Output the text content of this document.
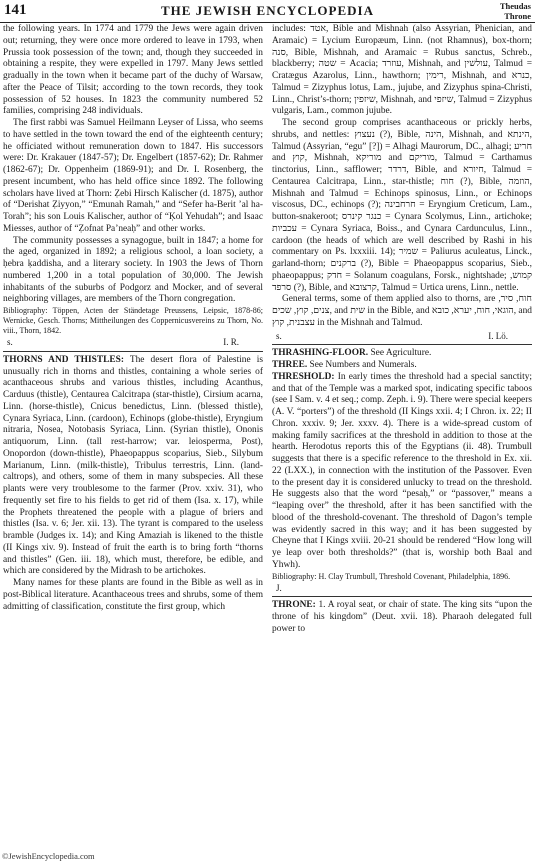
141	THE JEWISH ENCYCLOPEDIA	Theudas
Throne

the following years. In 1774 and 1779 the Jews were again driven out; returning, they were once more ordered to leave in 1793, when Prussia took possession of the town; and, though they succeeded in obtaining a respite, they were expelled in 1797. Many Jews settled gradually in the town when it became part of the duchy of Warsaw, after the Peace of Tilsit; according to the town records, they took possession of 52 houses. In 1823 the community numbered 52 families, comprising 248 individuals.

The first rabbi was Samuel Heilmann Leyser of Lissa, who seems to have settled in the town toward the end of the eighteenth century; he officiated without remuneration down to 1847. His successors were: Dr. Krakauer (1847-57); Dr. Engelbert (1857-62); Dr. Rahmer (1862-67); Dr. Oppenheim (1869-91); and Dr. I. Rosenberg, the present incumbent, who has held office since 1892. The following scholars have lived at Thorn: Ẓebi Hirsch Kalischer (d. 1875), author of “Derishat Ẓiyyon,” “Emunah Ramah,” and “Sefer ha-Berit ’al ha-Torah”; his son Louis Kalischer, author of “Ḳol Yehudah”; and Isaac Miesses, author of “Ẓofnat Pa’neaḥ” and other works.

The community possesses a synagogue, built in 1847; a home for the aged, organized in 1892; a religious school, a loan society, a ḥebra ḳaddisha, and a literary society. In 1903 the Jews of Thorn numbered 1,200 in a total population of 30,000. The Jewish inhabitants of the suburbs of Podgorz and Mocker, and of several neighboring villages, are members of the Thorn congregation.

Bibliography: Töppen, Acten der Ständetage Preussens, Leipsic, 1878-86; Wernicke, Gesch. Thorns; Mittheilungen des Coppernicusvereins zu Thorn, No. viii., Thorn, 1842.

s.	I. R.

THORNS AND THISTLES: The desert flora of Palestine is unusually rich in thorns and thistles, containing a whole series of acanthaceous shrubs and various thistles, including Acanthus, Carduus (thistle), Centaurea Calcitrapa (star-thistle), Cirsium acarna, Linn. (horse-thistle), Cnicus benedictus, Linn. (blessed thistle), Cynara Syriaca, Linn. (cardoon), Echinops (globe-thistle), Eryngium nitraria, Nosea, Notobasis Syriaca, Linn. (Syrian thistle), Ononis antiquorum, Linn. (tall rest-harrow; var. leiosperma, Post), Onopordon (down-thistle), Phaeopappus scoparius, Sieb., Silybum Marianum, Linn. (milk-thistle), Tribulus terrestris, Linn. (land-caltrops), and others, some of them in many subspecies. All these plants were very troublesome to the farmer (Prov. xxiv. 31), who frequently set fire to his fields to get rid of them (Isa. x. 17), while the Prophets threatened the people with a plague of briers and thistles (Isa. v. 6; Jer. xii. 13). The tyrant is compared to the useless bramble (Judges ix. 14); and King Amaziah is likened to the thistle (II Kings xiv. 9). Instead of fruit the earth is to bring forth “thorns and thistles” (Gen. iii. 18), which must, therefore, be edible, and which are considered by the Midrash to be artichokes.

Many names for these plants are found in the Bible as well as in post-Biblical literature. Acanthaceous trees and shrubs, some of them admitting of classification, constitute the first group, which

includes: אטד, Bible and Mishnah (also Assyrian, Phenician, and Aramaic) = Lycium Europæum, Linn. (not Rhamnus), box-thorn; סנה, Bible, Mishnah, and Aramaic = Rubus sanctus, Schreb., blackberry; שטה = Acacia; עוזרד, Mishnah, and עולשין, Talmud = Cratægus Azarolus, Linn., hawthorn; רימין, Mishnah, and כנרא, Talmud = Zizyphus lotus, Lam., jujube, and Zizyphus spina-Christi, Linn., Christ’s-thorn; שיזפין, Mishnah, and שיזפי, Talmud = Zizyphus vulgaris, Lam., common jujube.

The second group comprises acanthaceous or prickly herbs, shrubs, and nettles: נעצוץ (?), Bible, הינה, Mishnah, and הינתא, Talmud (Assyrian, “egu” [?]) = Alhagi Maurorum, DC., alhagi; חריע and קוץ, Mishnah, מוריקא and מוריקם, Talmud = Carthamus tinctorius, Linn., safflower; דרדר, Bible, and חיורא, Talmud = Centaurea Calcitrapa, Linn., star-thistle; חוח (?), Bible, הוזמה, Mishnah and Talmud = Echinops spinosus, Linn., or Echinops viscosus, DC., echinops (?); חרחבינה = Eryngium Creticum, Lam., button-snakeroot; כנגר קינרס = Cynara Scolymus, Linn., artichoke; עכביות = Cynara Syriaca, Boiss., and Cynara Cardunculus, Linn., cardoon (the heads of which are well described by Rashi in his commentary on Ps. lxxxiii. 14); שמיר = Paliurus aculeatus, Linck., garland-thorn; ברקנים (?), Bible = Phaeopappus scoparius, Sieb., phaeopappus; חדק = Solanum coagulans, Forsk., nightshade; קמוש, סרפד (?), Bible, and קרצובא, Talmud = Urtica urens, Linn., nettle.

General terms, some of them applied also to thorns, are חוח, סיר, צנים, קוץ, שכים, and שית in the Bible, and הוגאי, חוח, יערא, כובא, and עצבנית, קוץ in the Mishnah and Talmud.

s.	I. Lö.

THRASHING-FLOOR. See Agriculture.

THREE. See Numbers and Numerals.

THRESHOLD: In early times the threshold had a special sanctity; and that of the Temple was a marked spot, indicating specific taboos (see I Sam. v. 4 et seq.; comp. Zeph. i. 9). There were special keepers (A. V. “porters”) of the threshold (II Kings xxii. 4; I Chron. ix. 22; II Chron. xxxiv. 9; Jer. xxxv. 4). There is a wide-spread custom of making family sacrifices at the threshold in addition to those at the hearth. Herodotus reports this of the Egyptians (ii. 48). Trumbull suggests that there is a specific reference to the threshold in Ex. xii. 22 (LXX.), in connection with the institution of the Passover. Even to the present day it is considered unlucky to tread on the threshold. He suggests also that the word “pesaḥ,” or “passover,” means a “leaping over” the threshold, after it has been sanctified with the blood of the threshold-covenant. The threshold of Dagon’s temple was evidently sacred in this way; and it has been suggested by Cheyne that I Kings xviii. 20-21 should be rendered “How long will ye leap over both thresholds?” (that is, worship both Baal and Yhwh).

Bibliography: H. Clay Trumbull, Threshold Covenant, Philadelphia, 1896.

J.

THRONE: 1. A royal seat, or chair of state. The king sits “upon the throne of his kingdom” (Deut. xvii. 18). Pharaoh delegated full power to

©JewishEncyclopedia.com
